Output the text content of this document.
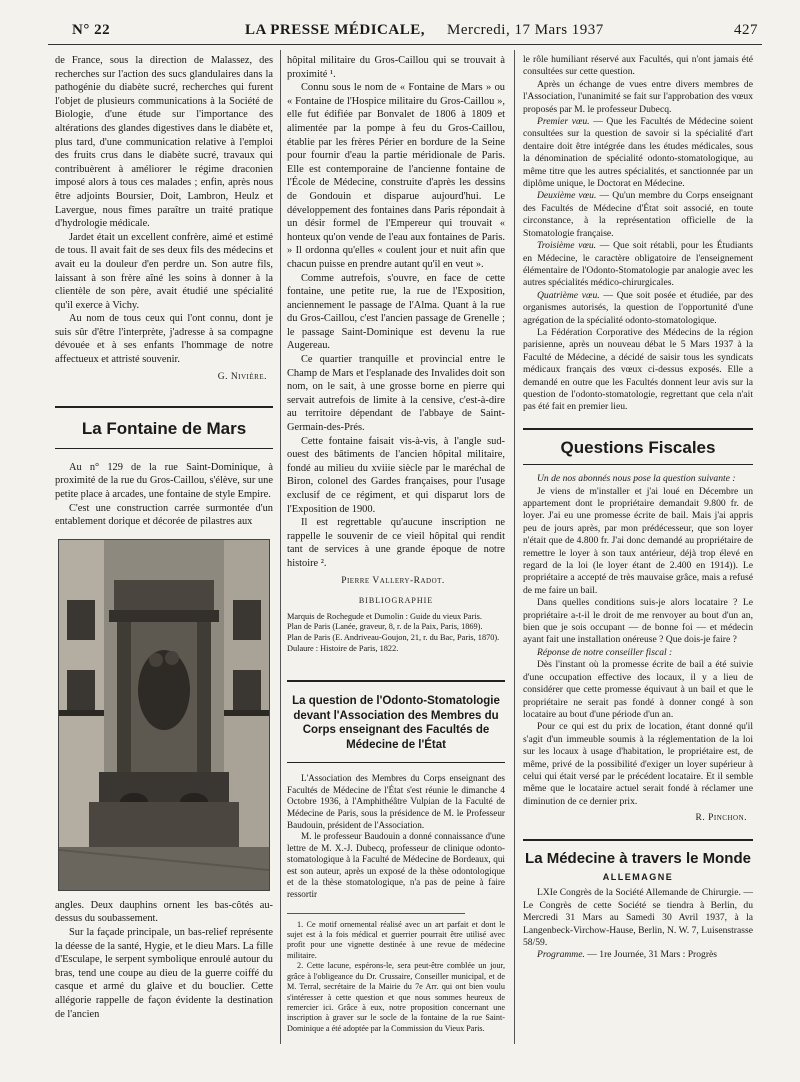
N° 22	LA PRESSE MÉDICALE, Mercredi, 17 Mars 1937	427

de France, sous la direction de Malassez, des recherches sur l'action des sucs glandulaires dans la pathogénie du diabète sucré, recherches qui furent l'objet de plusieurs communications à la Société de Biologie, d'une étude sur l'importance des altérations des glandes digestives dans le diabète et, plus tard, d'une communication relative à l'emploi des fruits crus dans le diabète sucré, travaux qui contribuèrent à améliorer le régime draconien imposé alors à tous ces malades ; enfin, après nous être adjoints Boursier, Doit, Lambron, Heulz et Lavergue, nous fîmes paraître un traité pratique d'hydrologie médicale.

Jardet était un excellent confrère, aimé et estimé de tous. Il avait fait de ses deux fils des médecins et avait eu la douleur d'en perdre un. Son autre fils, laissant à son frère aîné les soins à donner à la clientèle de son père, avait étudié une spécialité qu'il exerce à Vichy.

Au nom de tous ceux qui l'ont connu, dont je suis sûr d'être l'interprète, j'adresse à sa compagne dévouée et à ses enfants l'hommage de notre affectueux et attristé souvenir.

G. Nivière.
La Fontaine de Mars

Au n° 129 de la rue Saint-Dominique, à proximité de la rue du Gros-Caillou, s'élève, sur une petite place à arcades, une fontaine de style Empire.

C'est une construction carrée surmontée d'un entablement dorique et décorée de pilastres aux

angles. Deux dauphins ornent les bas-côtés au-dessus du soubassement.

Sur la façade principale, un bas-relief représente la déesse de la santé, Hygie, et le dieu Mars. La fille d'Esculape, le serpent symbolique enroulé autour du bras, tend une coupe au dieu de la guerre coiffé du casque et armé du glaive et du bouclier. Cette allégorie rappelle de façon évidente la destination de l'ancien

hôpital militaire du Gros-Caillou qui se trouvait à proximité ¹.

Connu sous le nom de « Fontaine de Mars » ou « Fontaine de l'Hospice militaire du Gros-Caillou », elle fut édifiée par Bonvalet de 1806 à 1809 et alimentée par la pompe à feu du Gros-Caillou, établie par les frères Périer en bordure de la Seine pour fournir d'eau la partie méridionale de Paris. Elle est contemporaine de l'ancienne fontaine de l'École de Médecine, construite d'après les dessins de Gondouin et disparue aujourd'hui. Le développement des fontaines dans Paris répondait à un désir formel de l'Empereur qui trouvait « honteux qu'on vende de l'eau aux fontaines de Paris. » Il ordonna qu'elles « coulent jour et nuit afin que chacun puisse en prendre autant qu'il en veut ».

Comme autrefois, s'ouvre, en face de cette fontaine, une petite rue, la rue de l'Exposition, anciennement le passage de l'Alma. Quant à la rue du Gros-Caillou, c'est l'ancien passage de Grenelle ; le passage Saint-Dominique est devenu la rue Augereau.

Ce quartier tranquille et provincial entre le Champ de Mars et l'esplanade des Invalides doit son nom, on le sait, à une grosse borne en pierre qui servait autrefois de limite à la censive, c'est-à-dire au territoire dépendant de l'abbaye de Saint-Germain-des-Prés.

Cette fontaine faisait vis-à-vis, à l'angle sud-ouest des bâtiments de l'ancien hôpital militaire, fondé au milieu du xviiie siècle par le maréchal de Biron, colonel des Gardes françaises, pour l'usage exclusif de ce régiment, et qui disparut lors de l'Exposition de 1900.

Il est regrettable qu'aucune inscription ne rappelle le souvenir de ce vieil hôpital qui rendit tant de services à une grande époque de notre histoire ².

Pierre Vallery-Radot.
BIBLIOGRAPHIE

Marquis de Rochegude et Dumolin : Guide du vieux Paris.

Plan de Paris (Lanée, graveur, 8, r. de la Paix, Paris, 1869).

Plan de Paris (E. Andriveau-Goujon, 21, r. du Bac, Paris, 1870).

Dulaure : Histoire de Paris, 1822.

La question de l'Odonto-Stomatologie devant l'Association des Membres du Corps enseignant des Facultés de Médecine de l'État

L'Association des Membres du Corps enseignant des Facultés de Médecine de l'État s'est réunie le dimanche 4 Octobre 1936, à l'Amphithéâtre Vulpian de la Faculté de Médecine de Paris, sous la présidence de M. le Professeur Baudouin, président de l'Association.

M. le professeur Baudouin a donné connaissance d'une lettre de M. X.-J. Dubecq, professeur de clinique odonto-stomatologique à la Faculté de Médecine de Bordeaux, qui est son auteur, après un exposé de la thèse odontologique et de la thèse stomatologique, n'a pas de peine à faire ressortir

1. Ce motif ornemental réalisé avec un art parfait et dont le sujet est à la fois médical et guerrier pourrait être utilisé avec profit pour une vignette destinée à une revue de médecine militaire.

2. Cette lacune, espérons-le, sera peut-être comblée un jour, grâce à l'obligeance du Dr. Crussaire, Conseiller municipal, et de M. Terral, secrétaire de la Mairie du 7e Arr. qui ont bien voulu s'intéresser à cette question et que nous sommes heureux de remercier ici. Grâce à eux, notre proposition concernant une inscription à graver sur le socle de la fontaine de la rue Saint-Dominique a été adoptée par la Commission du Vieux Paris.

le rôle humiliant réservé aux Facultés, qui n'ont jamais été consultées sur cette question.

Après un échange de vues entre divers membres de l'Association, l'unanimité se fait sur l'approbation des vœux proposés par M. le professeur Dubecq.

Premier vœu. — Que les Facultés de Médecine soient consultées sur la question de savoir si la spécialité d'art dentaire doit être intégrée dans les études médicales, sous la dénomination de spécialité odonto-stomatologique, au même titre que les autres spécialités, et sanctionnée par un diplôme unique, le Doctorat en Médecine.

Deuxième vœu. — Qu'un membre du Corps enseignant des Facultés de Médecine d'État soit associé, en toute circonstance, à la représentation officielle de la Stomatologie française.

Troisième vœu. — Que soit rétabli, pour les Étudiants en Médecine, le caractère obligatoire de l'enseignement élémentaire de l'Odonto-Stomatologie par analogie avec les autres spécialités médico-chirurgicales.

Quatrième vœu. — Que soit posée et étudiée, par des organismes autorisés, la question de l'opportunité d'une agrégation de la spécialité odonto-stomatologique.

La Fédération Corporative des Médecins de la région parisienne, après un nouveau débat le 5 Mars 1937 à la Faculté de Médecine, a décidé de saisir tous les syndicats médicaux français des vœux ci-dessus exposés. Elle a demandé en outre que les Facultés donnent leur avis sur la question de l'odonto-stomatologie, regrettant que cela n'ait pas été fait en premier lieu.

Questions Fiscales

Un de nos abonnés nous pose la question suivante :

Je viens de m'installer et j'ai loué en Décembre un appartement dont le propriétaire demandait 9.800 fr. de loyer. J'ai eu une promesse écrite de bail. Mais j'ai appris peu de jours après, par mon prédécesseur, que son loyer n'était que de 4.800 fr. J'ai donc demandé au propriétaire de remettre le loyer à son taux antérieur, déjà trop élevé en regard de la loi (le loyer étant de 2.400 en 1914)). Le propriétaire a accepté de très mauvaise grâce, mais a refusé de me faire un bail.

Dans quelles conditions suis-je alors locataire ? Le propriétaire a-t-il le droit de me renvoyer au bout d'un an, bien que je sois occupant — de bonne foi — et médecin ayant fait une installation onéreuse ? Que dois-je faire ?

Réponse de notre conseiller fiscal :

Dès l'instant où la promesse écrite de bail a été suivie d'une occupation effective des locaux, il y a lieu de considérer que cette promesse équivaut à un bail et que le propriétaire ne serait pas fondé à donner congé à son locataire au bout d'une période d'un an.

Pour ce qui est du prix de location, étant donné qu'il s'agit d'un immeuble soumis à la réglementation de la loi sur les locaux à usage d'habitation, le propriétaire est, de même, privé de la possibilité d'exiger un loyer supérieur à celui qui était versé par le précédent locataire. Et il semble même que le locataire actuel serait fondé à réclamer une diminution de ce dernier prix.

R. Pinchon.
La Médecine à travers le Monde
ALLEMAGNE

LXIe Congrès de la Société Allemande de Chirurgie. — Le Congrès de cette Société se tiendra à Berlin, du Mercredi 31 Mars au Samedi 30 Avril 1937, à la Langenbeck-Virchow-Hause, Berlin, N. W. 7, Luisenstrasse 58/59.

Programme. — 1re Journée, 31 Mars : Progrès
